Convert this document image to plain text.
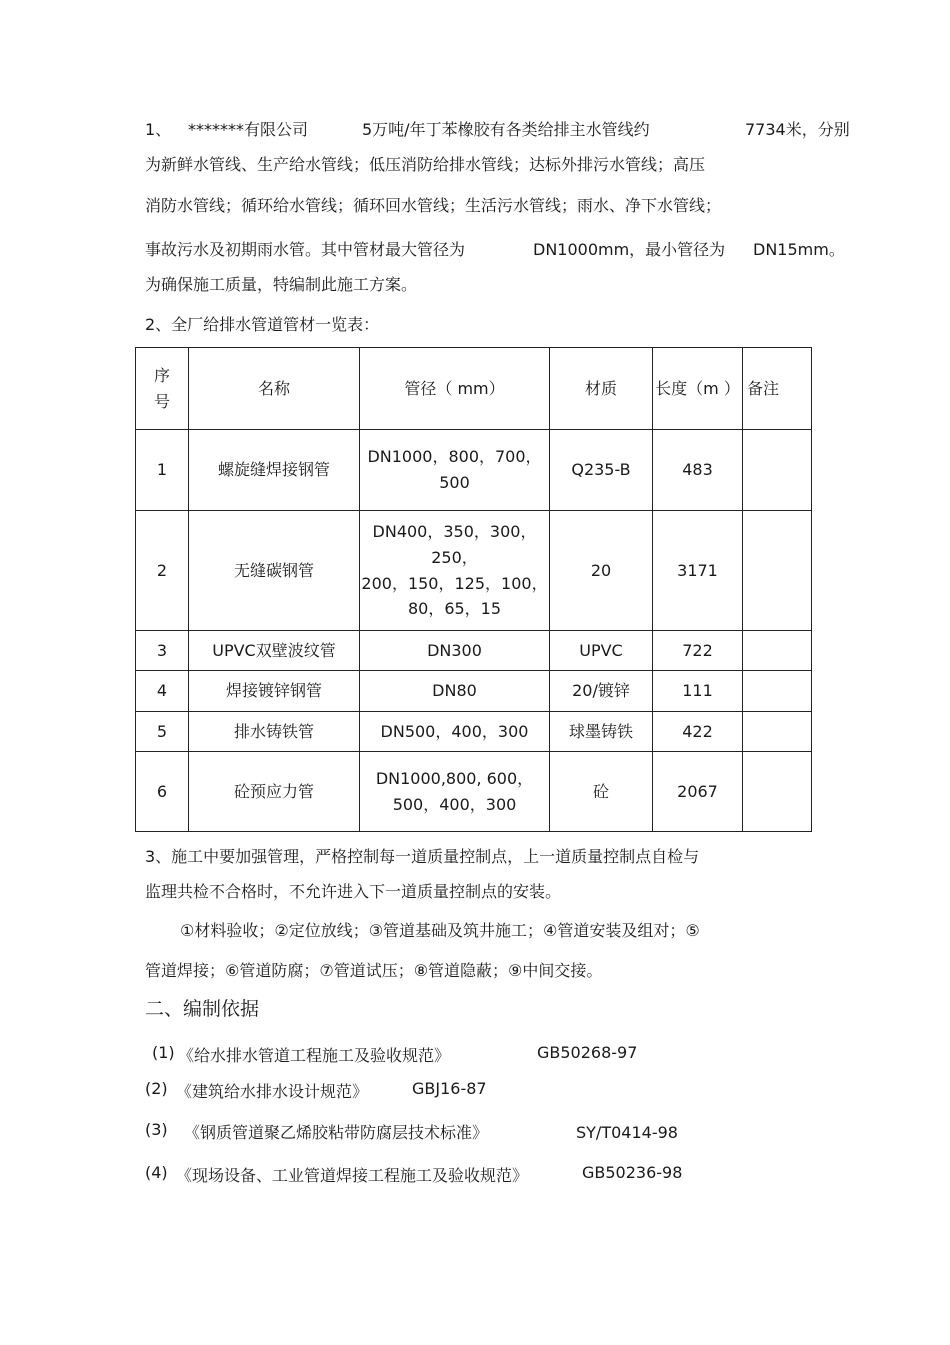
1、 *******有限公司	5万吨/年丁苯橡胶有各类给排主水管线约	7734米，分别
为新鲜水管线、生产给水管线；低压消防给排水管线；达标外排污水管线；高压
消防水管线；循环给水管线；循环回水管线；生活污水管线；雨水、净下水管线；
事故污水及初期雨水管。其中管材最大管径为	DN1000mm，最小管径为 DN15mm。
为确保施工质量，特编制此施工方案。
2、全厂给排水管道管材一览表：
序
号	名称	管径（ mm）	材质	长度（m ）	备注
1	螺旋缝焊接钢管	DN1000，800，700，
500	Q235-B	483	
2	无缝碳钢管	DN400，350，300，250，
200，150，125，100，
80，65，15	20	3171	
3	UPVC双壁波纹管	DN300	UPVC	722	
4	焊接镀锌钢管	DN80	20/镀锌	111	
5	排水铸铁管	DN500，400，300	球墨铸铁	422	
6	砼预应力管	DN1000,800, 600，
500，400，300	砼	2067	
3、施工中要加强管理，严格控制每一道质量控制点，上一道质量控制点自检与
监理共检不合格时，不允许进入下一道质量控制点的安装。
①材料验收；②定位放线；③管道基础及筑井施工；④管道安装及组对；⑤
管道焊接；⑥管道防腐；⑦管道试压；⑧管道隐蔽；⑨中间交接。
二、编制依据
(1) 《给水排水管道工程施工及验收规范》	GB50268-97
(2) 《建筑给水排水设计规范》	GBJ16-87
(3) 《钢质管道聚乙烯胶粘带防腐层技术标准》	SY/T0414-98
(4) 《现场设备、工业管道焊接工程施工及验收规范》	GB50236-98
